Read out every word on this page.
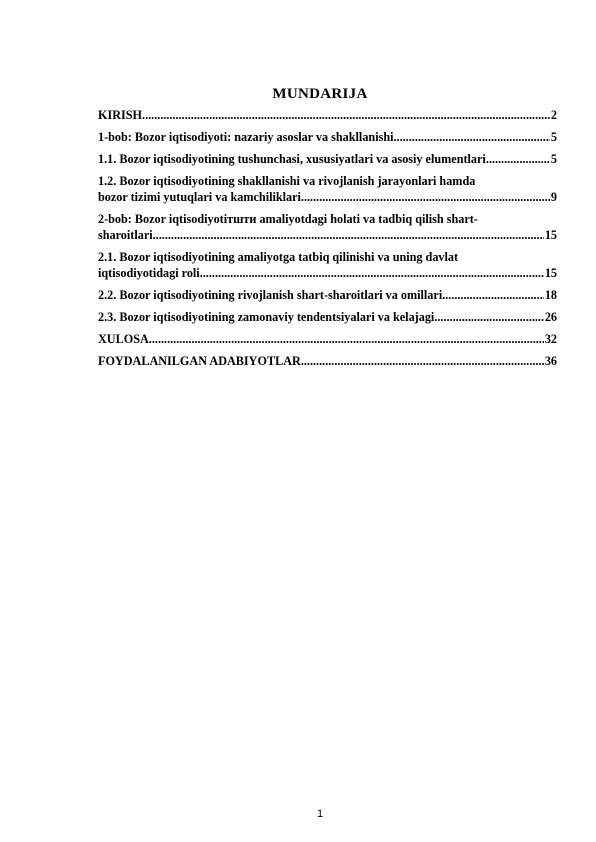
MUNDARIJA
KIRISH .....	2
1-bob: Bozor iqtisodiyoti: nazariy asoslar va shakllanishi .....	5
1.1. Bozor iqtisodiyotining tushunchasi, xususiyatlari va asosiy elumentlari .....	5
1.2. Bozor iqtisodiyotining shakllanishi va rivojlanish jarayonlari hamda
bozor tizimi yutuqlari va kamchiliklari .....	9
2-bob: Bozor iqtisodiyotiтшти amaliyotdagi holati va tadbiq qilish shart-
sharoitlari .....	15
2.1. Bozor iqtisodiyotining amaliyotga tatbiq qilinishi va uning davlat
iqtisodiyotidagi roli .....	15
2.2. Bozor iqtisodiyotining rivojlanish shart-sharoitlari va omillari .....	18
2.3. Bozor iqtisodiyotining zamonaviy tendentsiyalari va kelajagi .....	26
XULOSA .....	32
FOYDALANILGAN ADABIYOTLAR .....	36
1
